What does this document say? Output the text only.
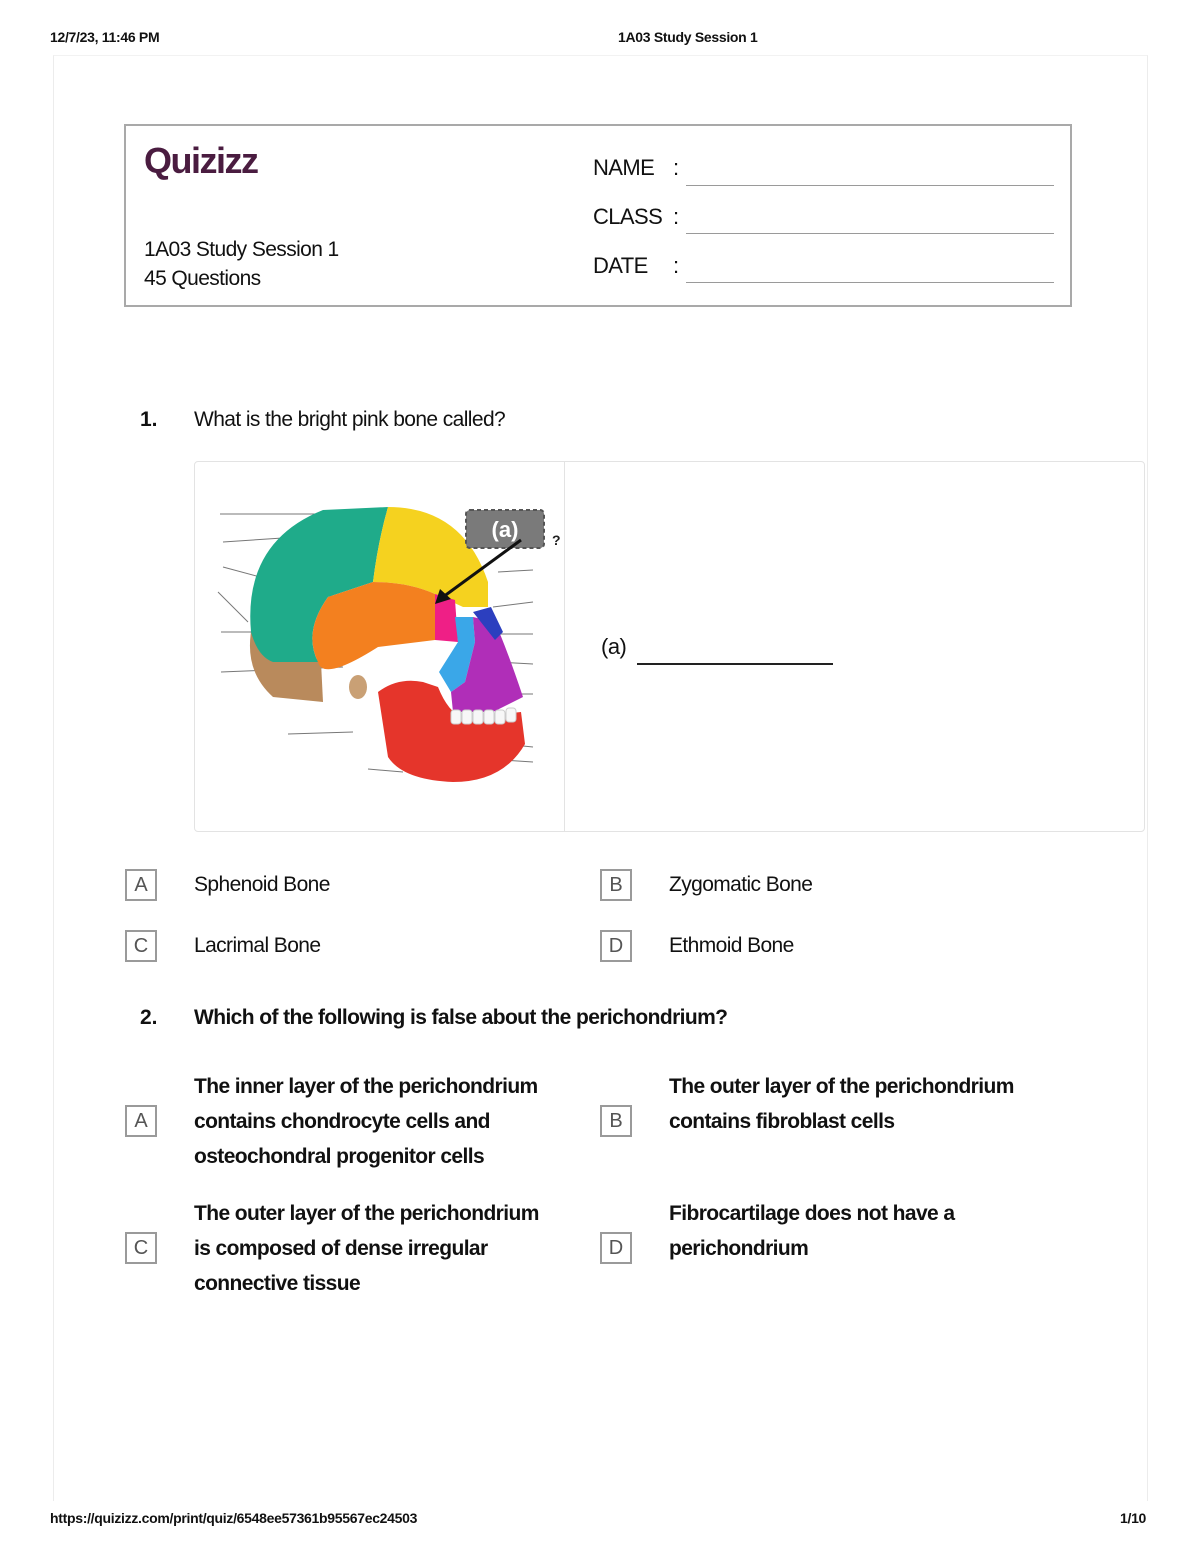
12/7/23, 11:46 PM	1A03 Study Session 1
Quizizz
1A03 Study Session 1
45 Questions
NAME :
CLASS :
DATE :
1. What is the bright pink bone called?
(a) ?
(a)
A	Sphenoid Bone	B	Zygomatic Bone
C	Lacrimal Bone	D	Ethmoid Bone
2. Which of the following is false about the perichondrium?
A
The inner layer of the perichondrium
contains chondrocyte cells and
osteochondral progenitor cells
B
The outer layer of the perichondrium
contains fibroblast cells
C
The outer layer of the perichondrium
is composed of dense irregular
connective tissue
D
Fibrocartilage does not have a
perichondrium
https://quizizz.com/print/quiz/6548ee57361b95567ec24503	1/10
